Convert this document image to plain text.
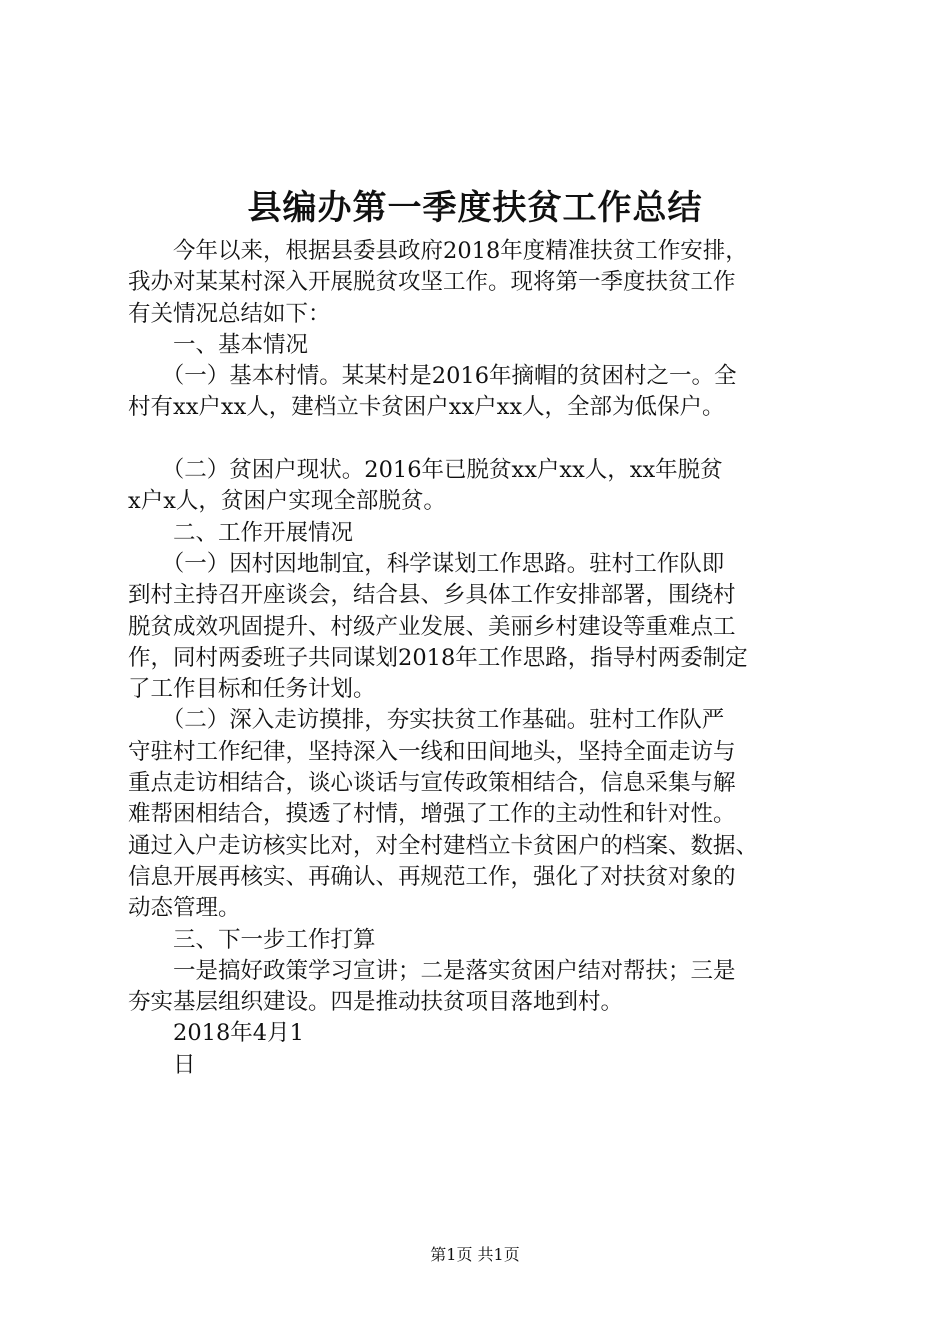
县编办第一季度扶贫工作总结
　　今年以来，根据县委县政府2018年度精准扶贫工作安排，
我办对某某村深入开展脱贫攻坚工作。现将第一季度扶贫工作
有关情况总结如下：
　　一、基本情况
　　（一）基本村情。某某村是2016年摘帽的贫困村之一。全
村有xx户xx人，建档立卡贫困户xx户xx人，全部为低保户。
　　（二）贫困户现状。2016年已脱贫xx户xx人，xx年脱贫
x户x人，贫困户实现全部脱贫。
　　二、工作开展情况
　　（一）因村因地制宜，科学谋划工作思路。驻村工作队即
到村主持召开座谈会，结合县、乡具体工作安排部署，围绕村
脱贫成效巩固提升、村级产业发展、美丽乡村建设等重难点工
作，同村两委班子共同谋划2018年工作思路，指导村两委制定
了工作目标和任务计划。
　　（二）深入走访摸排，夯实扶贫工作基础。驻村工作队严
守驻村工作纪律，坚持深入一线和田间地头，坚持全面走访与
重点走访相结合，谈心谈话与宣传政策相结合，信息采集与解
难帮困相结合，摸透了村情，增强了工作的主动性和针对性。
通过入户走访核实比对，对全村建档立卡贫困户的档案、数据、
信息开展再核实、再确认、再规范工作，强化了对扶贫对象的
动态管理。
　　三、下一步工作打算
　　一是搞好政策学习宣讲；二是落实贫困户结对帮扶；三是
夯实基层组织建设。四是推动扶贫项目落地到村。
　　2018年4月1
　　日
第1页 共1页
